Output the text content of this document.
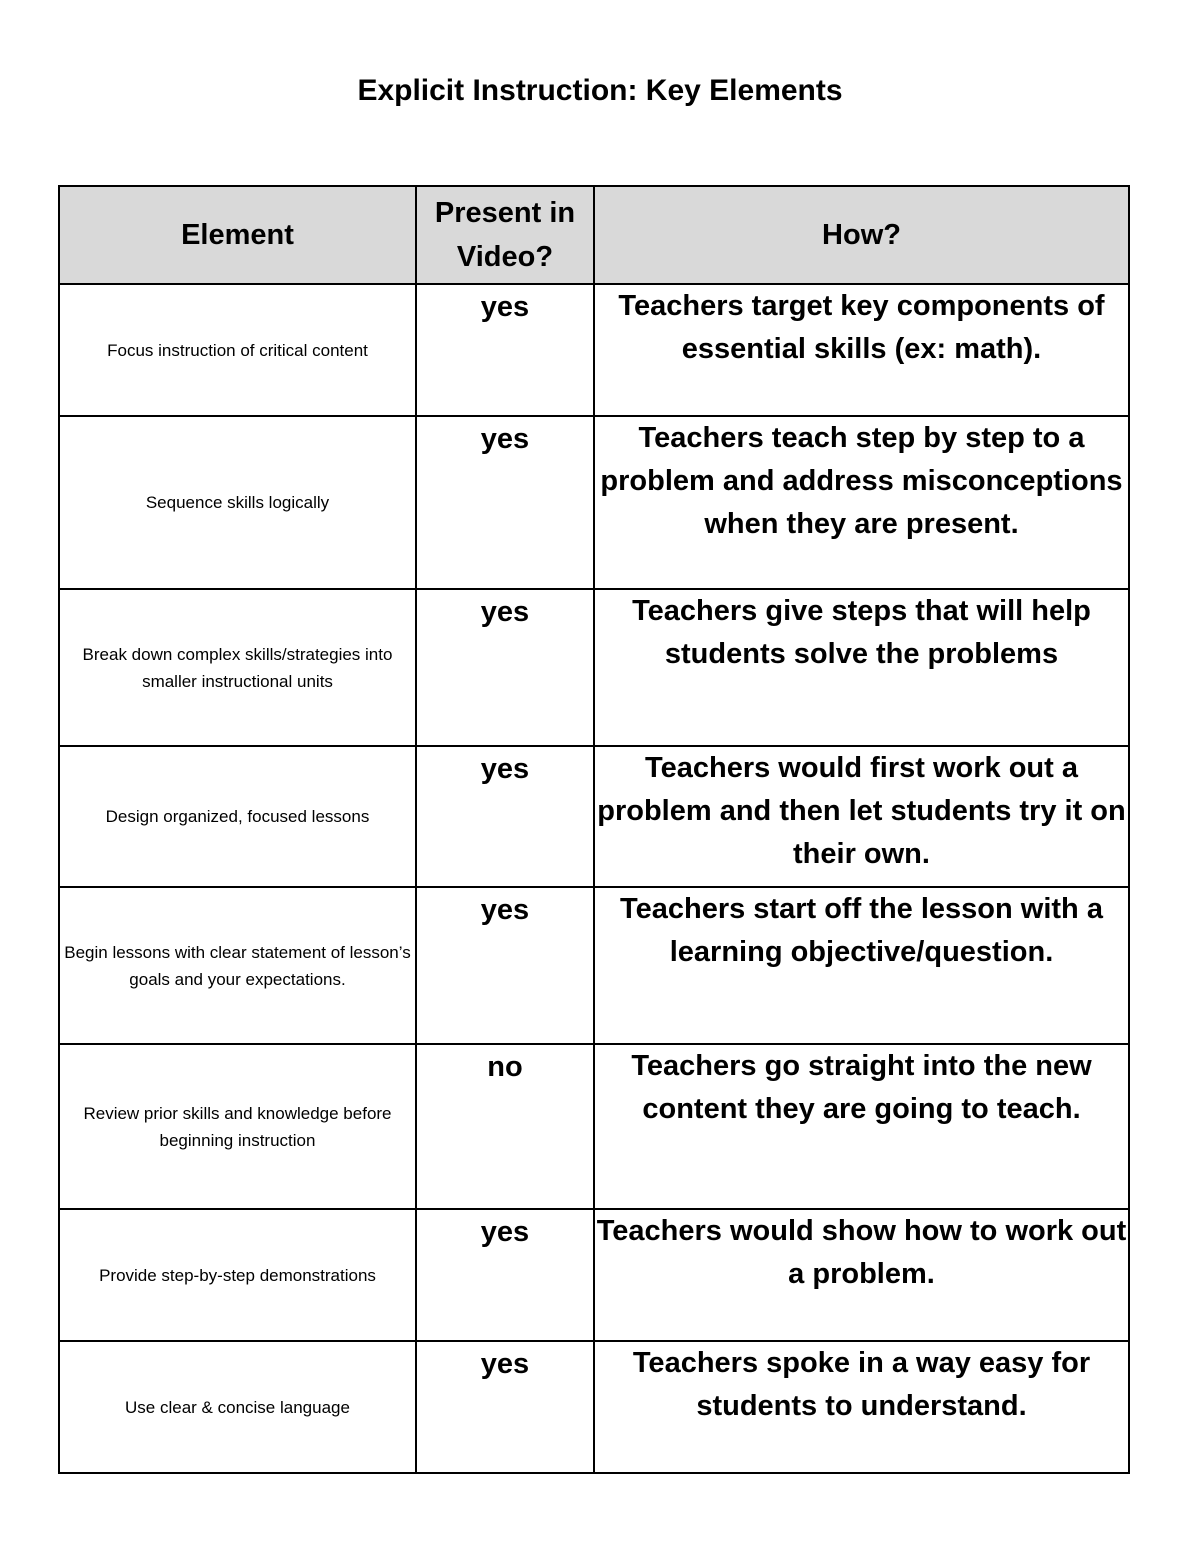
Explicit Instruction: Key Elements
Element	Present in Video?	How?
Focus instruction of critical content	yes	Teachers target key components of essential skills (ex: math).
Sequence skills logically	yes	Teachers teach step by step to a problem and address misconceptions when they are present.
Break down complex skills/strategies into smaller instructional units	yes	Teachers give steps that will help students solve the problems
Design organized, focused lessons	yes	Teachers would first work out a problem and then let students try it on their own.
Begin lessons with clear statement of lesson’s goals and your expectations.	yes	Teachers start off the lesson with a learning objective/question.
Review prior skills and knowledge before beginning instruction	no	Teachers go straight into the new content they are going to teach.
Provide step-by-step demonstrations	yes	Teachers would show how to work out a problem.
Use clear & concise language	yes	Teachers spoke in a way easy for students to understand.
